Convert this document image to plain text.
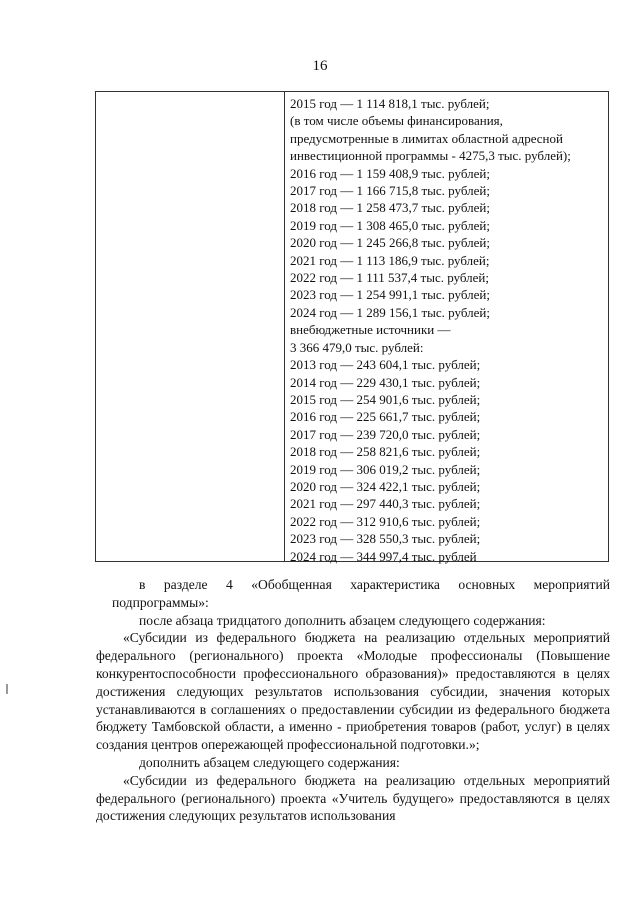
16
2015 год — 1 114 818,1 тыс. рублей;
(в том числе объемы финансирования,
предусмотренные в лимитах областной адресной
инвестиционной программы - 4275,3 тыс. рублей);
2016 год — 1 159 408,9 тыс. рублей;
2017 год — 1 166 715,8 тыс. рублей;
2018 год — 1 258 473,7 тыс. рублей;
2019 год — 1 308 465,0 тыс. рублей;
2020 год — 1 245 266,8 тыс. рублей;
2021 год — 1 113 186,9 тыс. рублей;
2022 год — 1 111 537,4 тыс. рублей;
2023 год — 1 254 991,1 тыс. рублей;
2024 год — 1 289 156,1 тыс. рублей;
внебюджетные источники —
3 366 479,0 тыс. рублей:
2013 год — 243 604,1 тыс. рублей;
2014 год — 229 430,1 тыс. рублей;
2015 год — 254 901,6 тыс. рублей;
2016 год — 225 661,7 тыс. рублей;
2017 год — 239 720,0 тыс. рублей;
2018 год — 258 821,6 тыс. рублей;
2019 год — 306 019,2 тыс. рублей;
2020 год — 324 422,1 тыс. рублей;
2021 год — 297 440,3 тыс. рублей;
2022 год — 312 910,6 тыс. рублей;
2023 год — 328 550,3 тыс. рублей;
2024 год — 344 997,4 тыс. рублей

в разделе 4 «Обобщенная характеристика основных мероприятий подпрограммы»:

после абзаца тридцатого дополнить абзацем следующего содержания:

«Субсидии из федерального бюджета на реализацию отдельных мероприятий федерального (регионального) проекта «Молодые профессионалы (Повышение конкурентоспособности профессионального образования)» предоставляются в целях достижения следующих результатов использования субсидии, значения которых устанавливаются в соглашениях о предоставлении субсидии из федерального бюджета бюджету Тамбовской области, а именно - приобретения товаров (работ, услуг) в целях создания центров опережающей профессиональной подготовки.»;

дополнить абзацем следующего содержания:

«Субсидии из федерального бюджета на реализацию отдельных мероприятий федерального (регионального) проекта «Учитель будущего» предоставляются в целях достижения следующих результатов использования
